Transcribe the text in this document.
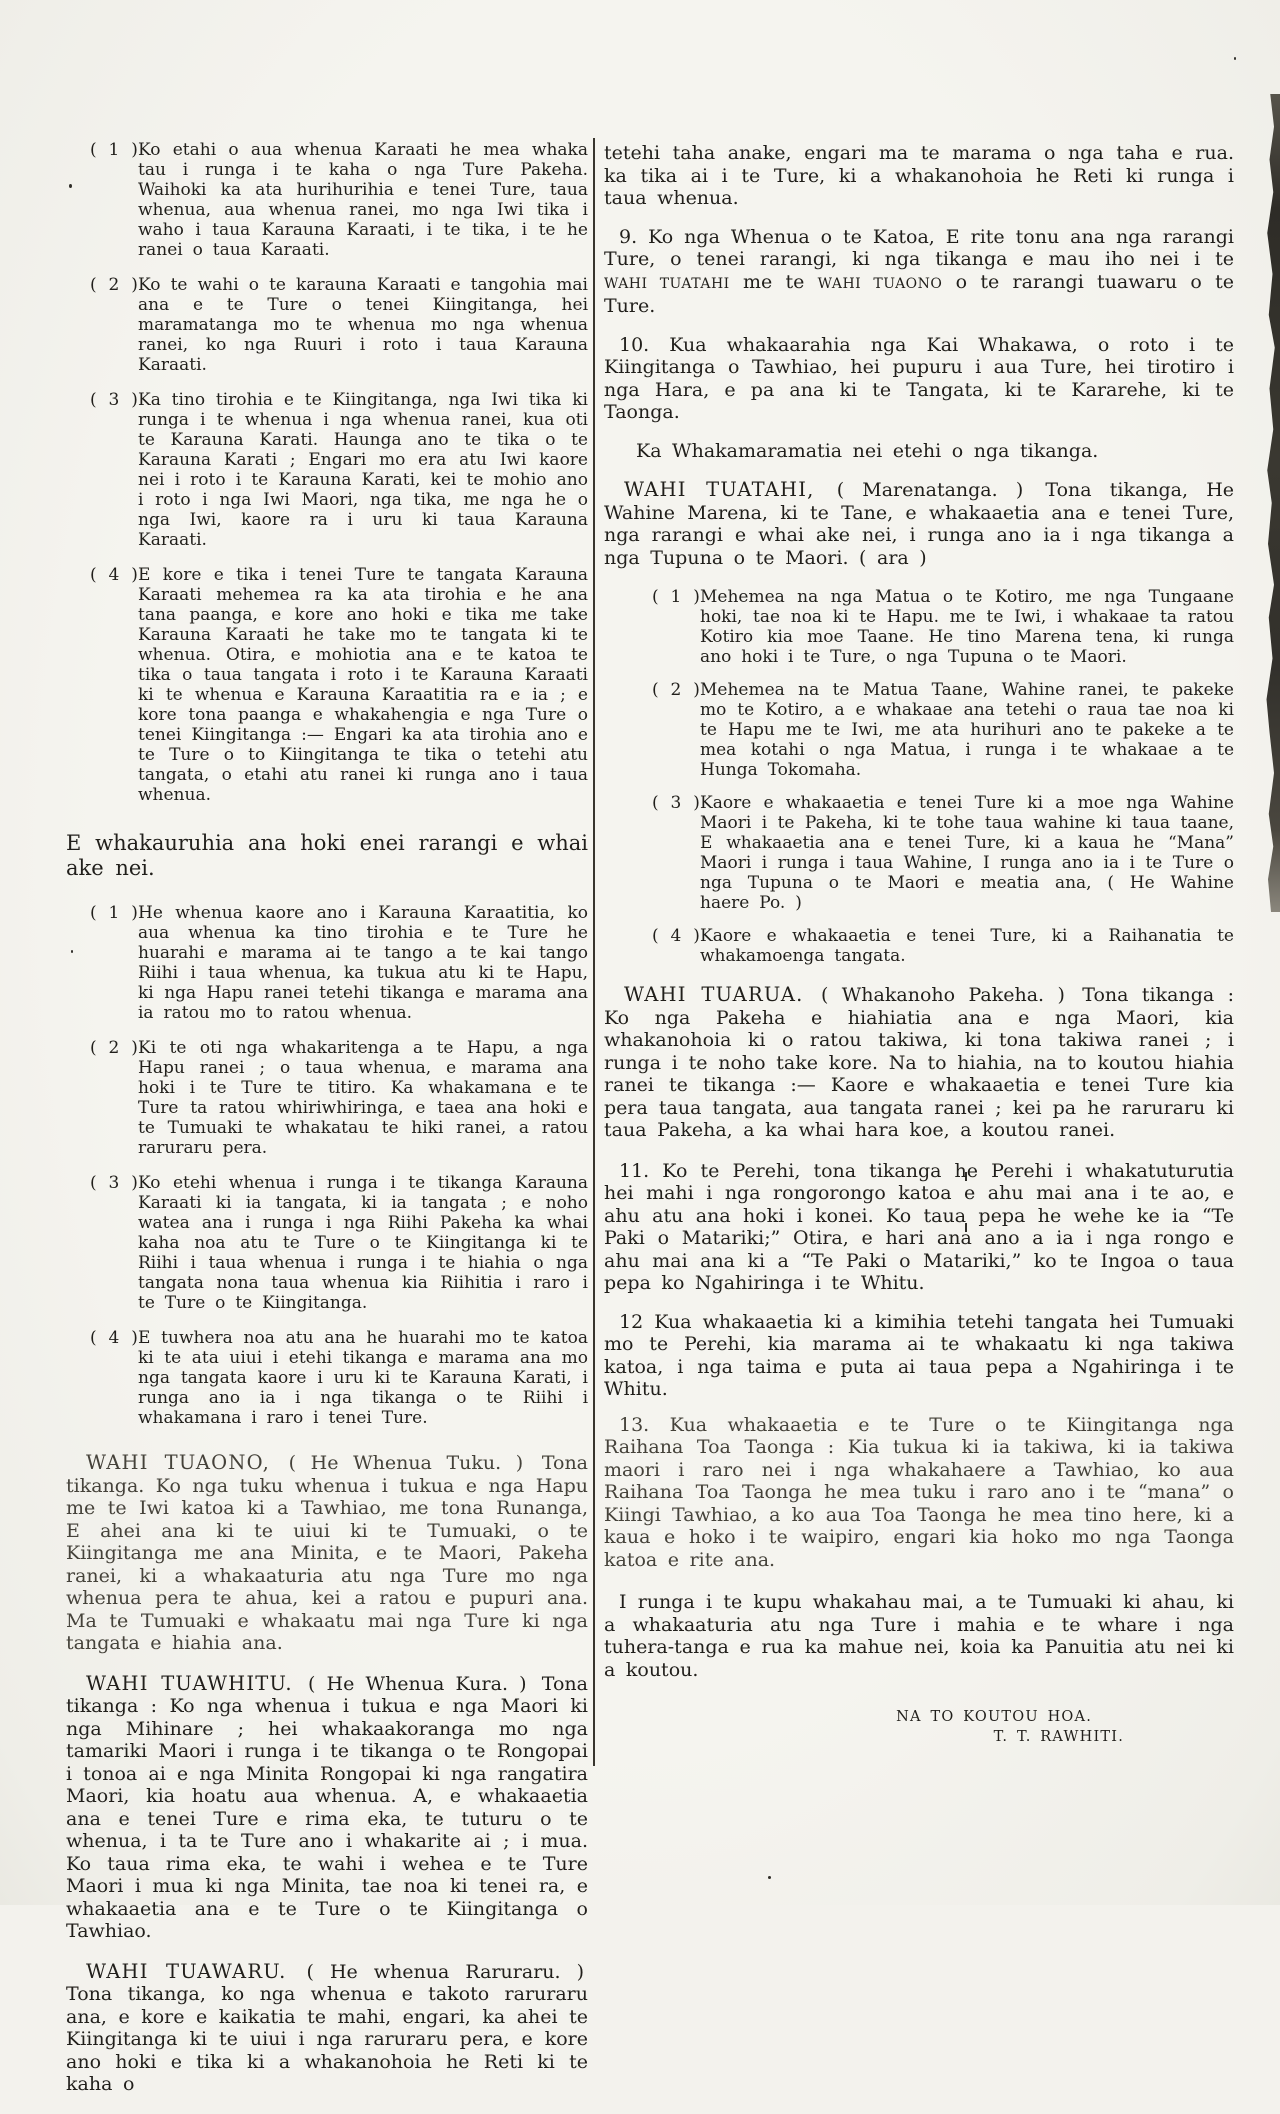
( 1 ) Ko etahi o aua whenua Karaati he mea whaka tau i runga i te kaha o nga Ture Pakeha. Waihoki ka ata hurihurihia e tenei Ture, taua whenua, aua whenua ranei, mo nga Iwi tika i waho i taua Karauna Karaati, i te tika, i te he ranei o taua Karaati.
( 2 ) Ko te wahi o te karauna Karaati e tangohia mai ana e te Ture o tenei Kiingitanga, hei maramatanga mo te whenua mo nga whenua ranei, ko nga Ruuri i roto i taua Karauna Karaati.
( 3 ) Ka tino tirohia e te Kiingitanga, nga Iwi tika ki runga i te whenua i nga whenua ranei, kua oti te Karauna Karati. Haunga ano te tika o te Karauna Karati ; Engari mo era atu Iwi kaore nei i roto i te Karauna Karati, kei te mohio ano i roto i nga Iwi Maori, nga tika, me nga he o nga Iwi, kaore ra i uru ki taua Karauna Karaati.
( 4 ) E kore e tika i tenei Ture te tangata Karauna Karaati mehemea ra ka ata tirohia e he ana tana paanga, e kore ano hoki e tika me take Karauna Karaati he take mo te tangata ki te whenua. Otira, e mohiotia ana e te katoa te tika o taua tangata i roto i te Karauna Karaati ki te whenua e Karauna Karaatitia ra e ia ; e kore tona paanga e whakahengia e nga Ture o tenei Kiingitanga :— Engari ka ata tirohia ano e te Ture o to Kiingitanga te tika o tetehi atu tangata, o etahi atu ranei ki runga ano i taua whenua.

E whakauruhia ana hoki enei rarangi e whai ake nei.

( 1 ) He whenua kaore ano i Karauna Karaatitia, ko aua whenua ka tino tirohia e te Ture he huarahi e marama ai te tango a te kai tango Riihi i taua whenua, ka tukua atu ki te Hapu, ki nga Hapu ranei tetehi tikanga e marama ana ia ratou mo to ratou whenua.
( 2 ) Ki te oti nga whakaritenga a te Hapu, a nga Hapu ranei ; o taua whenua, e marama ana hoki i te Ture te titiro. Ka whakamana e te Ture ta ratou whiriwhiringa, e taea ana hoki e te Tumuaki te whakatau te hiki ranei, a ratou raruraru pera.
( 3 ) Ko etehi whenua i runga i te tikanga Karauna Karaati ki ia tangata, ki ia tangata ; e noho watea ana i runga i nga Riihi Pakeha ka whai kaha noa atu te Ture o te Kiingitanga ki te Riihi i taua whenua i runga i te hiahia o nga tangata nona taua whenua kia Riihitia i raro i te Ture o te Kiingitanga.
( 4 ) E tuwhera noa atu ana he huarahi mo te katoa ki te ata uiui i etehi tikanga e marama ana mo nga tangata kaore i uru ki te Karauna Karati, i runga ano ia i nga tikanga o te Riihi i whakamana i raro i tenei Ture.

WAHI TUAONO, ( He Whenua Tuku. ) Tona tikanga. Ko nga tuku whenua i tukua e nga Hapu me te Iwi katoa ki a Tawhiao, me tona Runanga, E ahei ana ki te uiui ki te Tumuaki, o te Kiingitanga me ana Minita, e te Maori, Pakeha ranei, ki a whakaaturia atu nga Ture mo nga whenua pera te ahua, kei a ratou e pupuri ana. Ma te Tumuaki e whakaatu mai nga Ture ki nga tangata e hiahia ana.

WAHI TUAWHITU. ( He Whenua Kura. ) Tona tikanga : Ko nga whenua i tukua e nga Maori ki nga Mihinare ; hei whakaakoranga mo nga tamariki Maori i runga i te tikanga o te Rongopai i tonoa ai e nga Minita Rongopai ki nga rangatira Maori, kia hoatu aua whenua. A, e whakaaetia ana e tenei Ture e rima eka, te tuturu o te whenua, i ta te Ture ano i whakarite ai ; i mua. Ko taua rima eka, te wahi i wehea e te Ture Maori i mua ki nga Minita, tae noa ki tenei ra, e whakaaetia ana e te Ture o te Kiingitanga o Tawhiao.

WAHI TUAWARU. ( He whenua Raruraru. ) Tona tikanga, ko nga whenua e takoto raruraru ana, e kore e kaikatia te mahi, engari, ka ahei te Kiingitanga ki te uiui i nga raruraru pera, e kore ano hoki e tika ki a whakanohoia he Reti ki te kaha o

tetehi taha anake, engari ma te marama o nga taha e rua. ka tika ai i te Ture, ki a whakanohoia he Reti ki runga i taua whenua.

9. Ko nga Whenua o te Katoa, E rite tonu ana nga rarangi Ture, o tenei rarangi, ki nga tikanga e mau iho nei i te WAHI TUATAHI me te WAHI TUAONO o te rarangi tuawaru o te Ture.

10. Kua whakaarahia nga Kai Whakawa, o roto i te Kiingitanga o Tawhiao, hei pupuru i aua Ture, hei tirotiro i nga Hara, e pa ana ki te Tangata, ki te Kararehe, ki te Taonga.

Ka Whakamaramatia nei etehi o nga tikanga.

WAHI TUATAHI, ( Marenatanga. ) Tona tikanga, He Wahine Marena, ki te Tane, e whakaaetia ana e tenei Ture, nga rarangi e whai ake nei, i runga ano ia i nga tikanga a nga Tupuna o te Maori. ( ara )

( 1 ) Mehemea na nga Matua o te Kotiro, me nga Tungaane hoki, tae noa ki te Hapu. me te Iwi, i whakaae ta ratou Kotiro kia moe Taane. He tino Marena tena, ki runga ano hoki i te Ture, o nga Tupuna o te Maori.
( 2 ) Mehemea na te Matua Taane, Wahine ranei, te pakeke mo te Kotiro, a e whakaae ana tetehi o raua tae noa ki te Hapu me te Iwi, me ata hurihuri ano te pakeke a te mea kotahi o nga Matua, i runga i te whakaae a te Hunga Tokomaha.
( 3 ) Kaore e whakaaetia e tenei Ture ki a moe nga Wahine Maori i te Pakeha, ki te tohe taua wahine ki taua taane, E whakaaetia ana e tenei Ture, ki a kaua he “Mana” Maori i runga i taua Wahine, I runga ano ia i te Ture o nga Tupuna o te Maori e meatia ana, ( He Wahine haere Po. )
( 4 ) Kaore e whakaaetia e tenei Ture, ki a Raihanatia te whakamoenga tangata.

WAHI TUARUA. ( Whakanoho Pakeha. ) Tona tikanga : Ko nga Pakeha e hiahiatia ana e nga Maori, kia whakanohoia ki o ratou takiwa, ki tona takiwa ranei ; i runga i te noho take kore. Na to hiahia, na to koutou hiahia ranei te tikanga :— Kaore e whakaaetia e tenei Ture kia pera taua tangata, aua tangata ranei ; kei pa he raruraru ki taua Pakeha, a ka whai hara koe, a koutou ranei.

11. Ko te Perehi, tona tikanga he Perehi i whakatuturutia hei mahi i nga rongorongo katoa e ahu mai ana i te ao, e ahu atu ana hoki i konei. Ko taua pepa he wehe ke ia “Te Paki o Matariki;” Otira, e hari ana ano a ia i nga rongo e ahu mai ana ki a “Te Paki o Matariki,” ko te Ingoa o taua pepa ko Ngahiringa i te Whitu.

12 Kua whakaaetia ki a kimihia tetehi tangata hei Tumuaki mo te Perehi, kia marama ai te whakaatu ki nga takiwa katoa, i nga taima e puta ai taua pepa a Ngahiringa i te Whitu.

13. Kua whakaaetia e te Ture o te Kiingitanga nga Raihana Toa Taonga : Kia tukua ki ia takiwa, ki ia takiwa maori i raro nei i nga whakahaere a Tawhiao, ko aua Raihana Toa Taonga he mea tuku i raro ano i te “mana” o Kiingi Tawhiao, a ko aua Toa Taonga he mea tino here, ki a kaua e hoko i te waipiro, engari kia hoko mo nga Taonga katoa e rite ana.

I runga i te kupu whakahau mai, a te Tumuaki ki ahau, ki a whakaaturia atu nga Ture i mahia e te whare i nga tuhera-tanga e rua ka mahue nei, koia ka Panuitia atu nei ki a koutou.

NA TO KOUTOU HOA.
T. T. RAWHITI.
